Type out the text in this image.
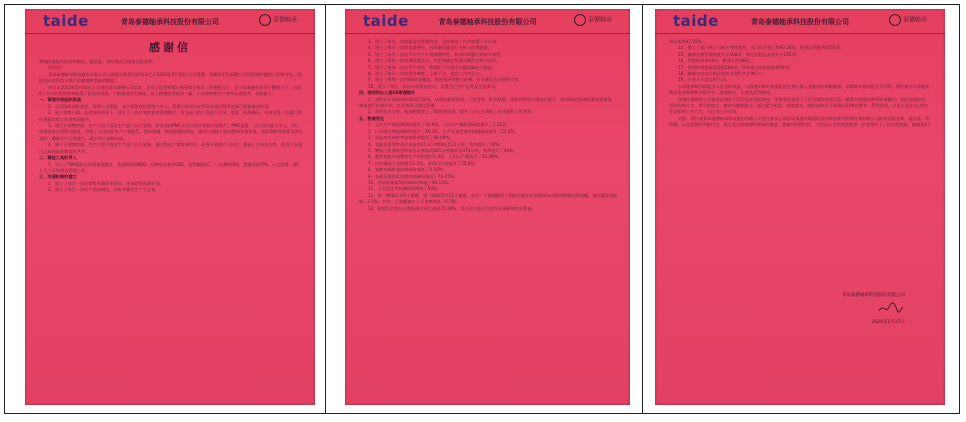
taide	青岛泰德轴承科技股份有限公司	泰德轴承
感谢信

尊敬的落地实践咨询顾问、杨总监、李经理及全体项目组老师：

你们好！

青岛泰德轴承科技股份有限公司与落地实践的合作协议已于2023年5月10日正式签署，感谢你们为泰德公司的发展所做的工作和付出，同时也向你们表示衷心的感谢和崇高的敬意！

项目自2023年5月10日正式进驻青岛泰德公司以来，在项目组老师精心指导和全体员工积极配合下，在全体泰德伙伴的不懈努力下，历时8个多月的管理变革取得了阶段性成果，产销量创历史新高，员工精神面貌焕然一新，工作效率和生产效率显著提升，具体如下：

一、管理升级组织再造

1、公司组织架构优化，管理人员重组，成立销售优化管理与中心，管理小组成员在管理升级过程中起到了积极推动作用。

2、成立督察小组，在老师的带领下，建立了一套有效的督察管理模式，对各部门的工作进行引导、监督、结果确认，有效促进了各部门的任务落实和工作效率的提升。

3、建立计划物控部，生产计划不再由生产部门自行安排，转变成由PMC主导订单评审和计划排产，PMC监督、日计划实施与导入，对订单进度进行管控与跟进，改变了公司以往生产计划混乱、插单频繁、换线频繁的状况，通过计划排产前的物料齐套检查，保证物料齐套性及供应及时，确保生产正常进行，减少停工待料时间。

4、建立计划物控部，生产计划不再由生产部门自行安排，通过推进产销协调会议，改善计划排产与执行，提高了订单准交率，促进了各部门之间的协作和信息共享。

二、精益工具的导入

1、导入了TWI班组长管理技能提升、快速换型SMED、设备综合效率OEE、品管圈QCC、一点课程OPL、提案改善TPS、八大浪费、QC七大工具等精益管理工具。

三、沟通机制的建立

1、建立了每月一次的销售预测评审会议，评审销售预测计划。

2、建立了每月一次的产销协调会，评审并制定生产主计划。

taide	青岛泰德轴承科技股份有限公司	泰德轴承

3、建立了每月一次的精益化管理例会，总结推进工作并部署下月计划。

4、建立了每月一次的质量例会，对质量问题进行分析与改善跟进。

5、建立了每月一次的月中生产计划调整例会，协调和调整计划的有效性。

6、建立了每周一次的周质量会议，讨论和确定质量问题的处理与闭环。

7、建立了每周一次的生产例会，协调生产过程中问题的解决与推进。

8、建立了每日一次的晨会制度，上传下达，提高工作执行力。

9、建立了每周一次的6S检查制度，推进现场管理与改善。讨论确定次日督察计划。

10、建立了每日一次的车间班前会议，布置当日生产任务及注意事项。

四、现场和办公室6S管理提升

1、对所有车间现场的6S进行规划，从现场布局规划、三定管理、标识标牌、再造管理等方面进行提升，制定6S的管理标准及检查表，每周进行检查评比，打造现场目视化管理。

2、对所有办公室，根据制度进行了6S管理规划，提升了办公区域的工作环境和工作效率。

五、数据变化

1、人均月产值较调研时提升了33.6%，人均月产量较调研时提升了1.21倍；

2、订单准交率较调研时提升了46.3%，生产计划完成率较调研时提升了25.4%；

3、成品库存周转率较调研时提升了48.04%；

4、装配成套效率从改善前的21.2分钟降低至21分钟，效率提升了10%；

5、磨加工快速换型时间由改善前的645分钟缩短至473分钟，效率提升了44%；

6、超外装配车间整体生产效率提升1.3倍，人均日产量提升了15.36%；

7、内外圈加工效率提升1.2倍，单线日产能提升了25.6%；

8、装卸车辆时间较调研时降低了5.32%；

9、外部质量投诉次数较调研时降低了74.47%；

10、外部质量索赔较调研时降低了84.13%；

11、人员流失率较调研时降低了54%；

12、第一期QCC共6个课题，第二期QCC共11个课题，其中一个课题解决了困扰车间多年的轴承自动线故障频发的问题，该问题直接影响了7.2%，其中一个课题减少了不良率降低了6.7倍；

13、制度执行率从无数据统计到目前的70.28%，会议决议执行完成率从调研时的无数据

taide	青岛泰德轴承科技股份有限公司	泰德轴承

到目前的97.25%；

14、建立了部门执行力排名考核体系，部门综合执行率93.24%，督查总项数共6455项；

15、编制完善管理制度共计188项，制定流程及表单共计135项；

16、共组织培训24场，参训人次468人；

17、管理改善提案提案数186项，评审通过改善提案数99项；

18、编制完成岗位职责说明书岗位共计96个；

19、开展人才盘点47人次。

公司能够取得如此引人注目的成就，与落地实践专家团队的全身心投入及他们的奉献精神、求精务实精神是分不开的。我们要学习落地实践专家老师那种不辞辛劳、高度敬业、认真负责的精神。

落地实践带给公司最有价值的不仅仅是业绩的改变，更重要的是员工工作习惯的改变以及一整套可持续改善的管理模式，在此问题面对，更好的执行力、务实的落实、解决问题的能力，通过建立标准、刚度落实、组织各种学习培训以及PK竞赛等一系列活动，让员工关注自己的工作目标和工作行为，关注自己的业绩。

对此，我代表青岛泰德轴承科技股份有限公司及全体员工再次向落地实践团队的咨询老师及管理咨询有限公司的项目组老师、杨总监、李经理，以及老师的辛勤付出，表示衷心的感谢和深深的敬意。感谢你们的付出，为青岛公司的发展和进一步变革打下了良好的基础，谢谢你们！

青岛泰德轴承科技股份有限公司
2024年1月27日
